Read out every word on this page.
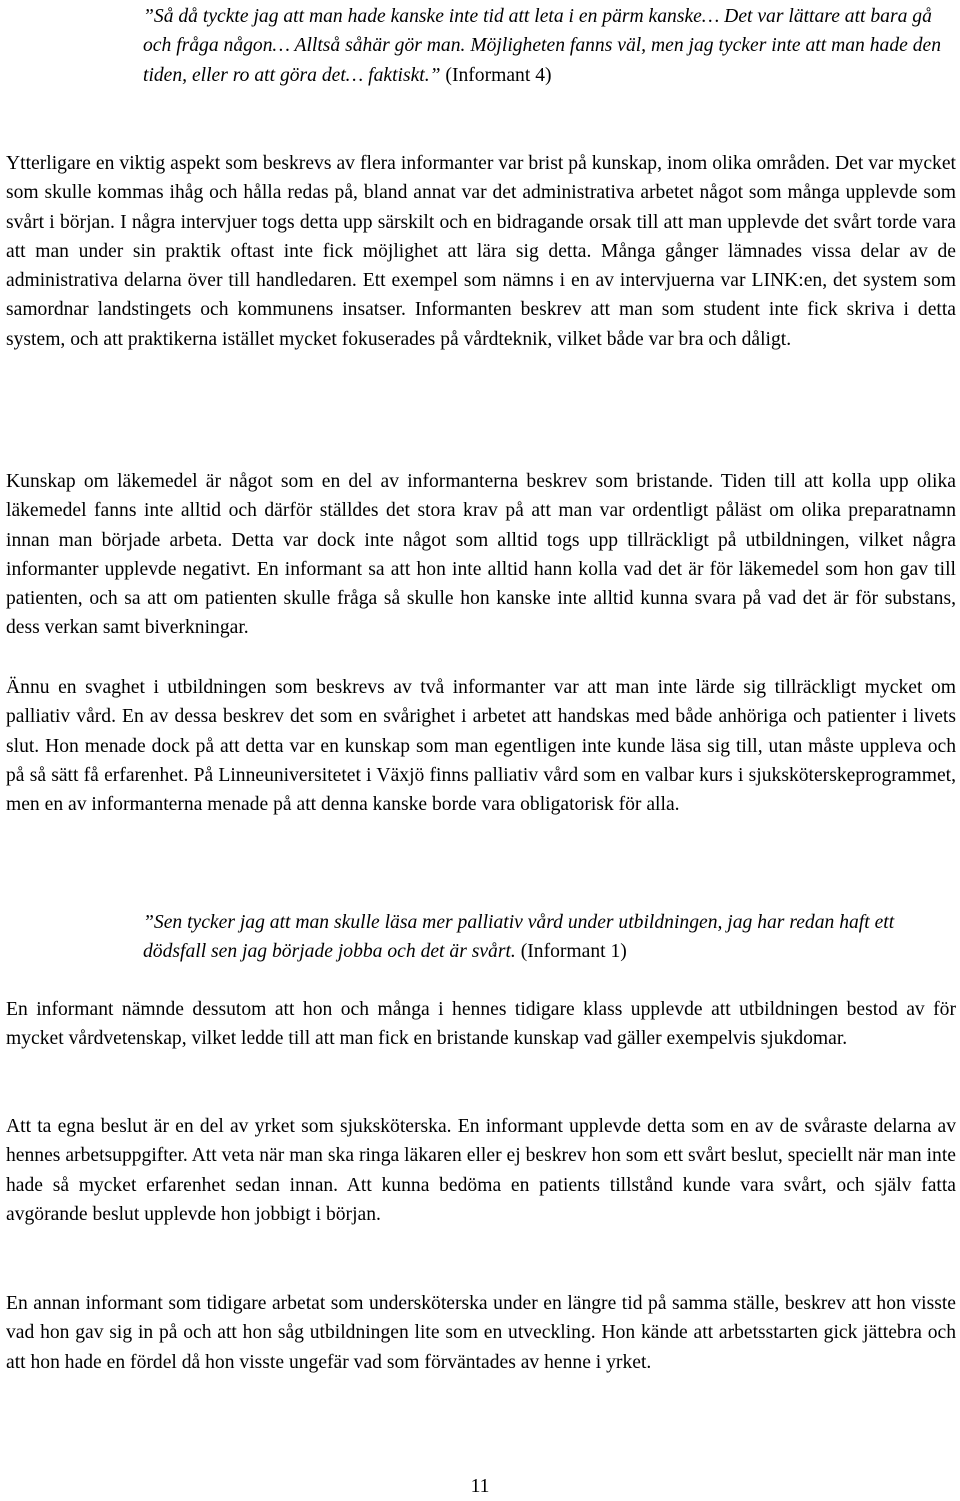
”Så då tyckte jag att man hade kanske inte tid att leta i en pärm kanske… Det var lättare att bara gå och fråga någon… Alltså såhär gör man. Möjligheten fanns väl, men jag tycker inte att man hade den tiden, eller ro att göra det… faktiskt.” (Informant 4)

Ytterligare en viktig aspekt som beskrevs av flera informanter var brist på kunskap, inom olika områden. Det var mycket som skulle kommas ihåg och hålla redas på, bland annat var det administrativa arbetet något som många upplevde som svårt i början. I några intervjuer togs detta upp särskilt och en bidragande orsak till att man upplevde det svårt torde vara att man under sin praktik oftast inte fick möjlighet att lära sig detta. Många gånger lämnades vissa delar av de administrativa delarna över till handledaren. Ett exempel som nämns i en av intervjuerna var LINK:en, det system som samordnar landstingets och kommunens insatser. Informanten beskrev att man som student inte fick skriva i detta system, och att praktikerna istället mycket fokuserades på vårdteknik, vilket både var bra och dåligt.

Kunskap om läkemedel är något som en del av informanterna beskrev som bristande. Tiden till att kolla upp olika läkemedel fanns inte alltid och därför ställdes det stora krav på att man var ordentligt påläst om olika preparatnamn innan man började arbeta. Detta var dock inte något som alltid togs upp tillräckligt på utbildningen, vilket några informanter upplevde negativt. En informant sa att hon inte alltid hann kolla vad det är för läkemedel som hon gav till patienten, och sa att om patienten skulle fråga så skulle hon kanske inte alltid kunna svara på vad det är för substans, dess verkan samt biverkningar.

Ännu en svaghet i utbildningen som beskrevs av två informanter var att man inte lärde sig tillräckligt mycket om palliativ vård. En av dessa beskrev det som en svårighet i arbetet att handskas med både anhöriga och patienter i livets slut. Hon menade dock på att detta var en kunskap som man egentligen inte kunde läsa sig till, utan måste uppleva och på så sätt få erfarenhet. På Linneuniversitetet i Växjö finns palliativ vård som en valbar kurs i sjuksköterskeprogrammet, men en av informanterna menade på att denna kanske borde vara obligatorisk för alla.

”Sen tycker jag att man skulle läsa mer palliativ vård under utbildningen, jag har redan haft ett dödsfall sen jag började jobba och det är svårt. (Informant 1)

En informant nämnde dessutom att hon och många i hennes tidigare klass upplevde att utbildningen bestod av för mycket vårdvetenskap, vilket ledde till att man fick en bristande kunskap vad gäller exempelvis sjukdomar.

Att ta egna beslut är en del av yrket som sjuksköterska. En informant upplevde detta som en av de svåraste delarna av hennes arbetsuppgifter. Att veta när man ska ringa läkaren eller ej beskrev hon som ett svårt beslut, speciellt när man inte hade så mycket erfarenhet sedan innan. Att kunna bedöma en patients tillstånd kunde vara svårt, och själv fatta avgörande beslut upplevde hon jobbigt i början.

En annan informant som tidigare arbetat som undersköterska under en längre tid på samma ställe, beskrev att hon visste vad hon gav sig in på och att hon såg utbildningen lite som en utveckling. Hon kände att arbetsstarten gick jättebra och att hon hade en fördel då hon visste ungefär vad som förväntades av henne i yrket.

11
